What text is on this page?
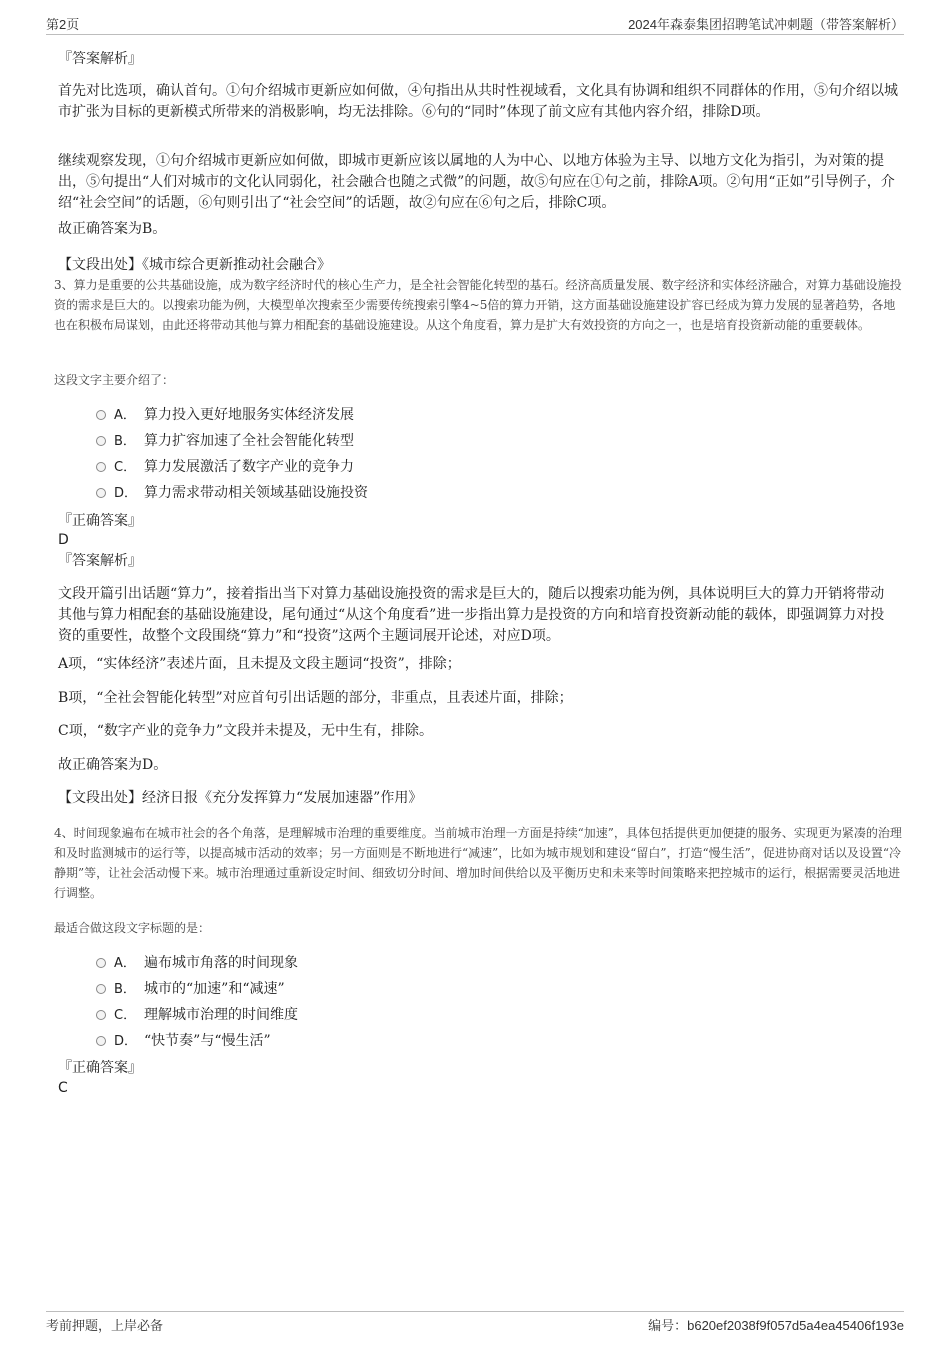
第2页	2024年森泰集团招聘笔试冲刺题（带答案解析）
『答案解析』
首先对比选项，确认首句。①句介绍城市更新应如何做，④句指出从共时性视域看，文化具有协调和组织不同群体的作用，⑤句介绍以城市扩张为目标的更新模式所带来的消极影响，均无法排除。⑥句的“同时”体现了前文应有其他内容介绍，排除D项。
继续观察发现，①句介绍城市更新应如何做，即城市更新应该以属地的人为中心、以地方体验为主导、以地方文化为指引，为对策的提出，⑤句提出“人们对城市的文化认同弱化，社会融合也随之式微”的问题，故⑤句应在①句之前，排除A项。②句用“正如”引导例子，介绍“社会空间”的话题，⑥句则引出了“社会空间”的话题，故②句应在⑥句之后，排除C项。
故正确答案为B。
【文段出处】《城市综合更新推动社会融合》
3、算力是重要的公共基础设施，成为数字经济时代的核心生产力，是全社会智能化转型的基石。经济高质量发展、数字经济和实体经济融合，对算力基础设施投资的需求是巨大的。以搜索功能为例，大模型单次搜索至少需要传统搜索引擎4~5倍的算力开销，这方面基础设施建设扩容已经成为算力发展的显著趋势，各地也在积极布局谋划，由此还将带动其他与算力相配套的基础设施建设。从这个角度看，算力是扩大有效投资的方向之一，也是培育投资新动能的重要载体。
这段文字主要介绍了：
A． 算力投入更好地服务实体经济发展
B． 算力扩容加速了全社会智能化转型
C． 算力发展激活了数字产业的竞争力
D． 算力需求带动相关领域基础设施投资
『正确答案』
D
『答案解析』
文段开篇引出话题“算力”，接着指出当下对算力基础设施投资的需求是巨大的，随后以搜索功能为例，具体说明巨大的算力开销将带动其他与算力相配套的基础设施建设，尾句通过“从这个角度看”进一步指出算力是投资的方向和培育投资新动能的载体，即强调算力对投资的重要性，故整个文段围绕“算力”和“投资”这两个主题词展开论述，对应D项。
A项，“实体经济”表述片面，且未提及文段主题词“投资”，排除；
B项，“全社会智能化转型”对应首句引出话题的部分，非重点，且表述片面，排除；
C项，“数字产业的竞争力”文段并未提及，无中生有，排除。
故正确答案为D。
【文段出处】经济日报《充分发挥算力“发展加速器”作用》
4、时间现象遍布在城市社会的各个角落，是理解城市治理的重要维度。当前城市治理一方面是持续“加速”，具体包括提供更加便捷的服务、实现更为紧凑的治理和及时监测城市的运行等，以提高城市活动的效率；另一方面则是不断地进行“减速”，比如为城市规划和建设“留白”，打造“慢生活”，促进协商对话以及设置“冷静期”等，让社会活动慢下来。城市治理通过重新设定时间、细致切分时间、增加时间供给以及平衡历史和未来等时间策略来把控城市的运行，根据需要灵活地进行调整。
最适合做这段文字标题的是：
A． 遍布城市角落的时间现象
B． 城市的“加速”和“减速”
C． 理解城市治理的时间维度
D． “快节奏”与“慢生活”
『正确答案』
C
考前押题，上岸必备	编号：b620ef2038f9f057d5a4ea45406f193e
